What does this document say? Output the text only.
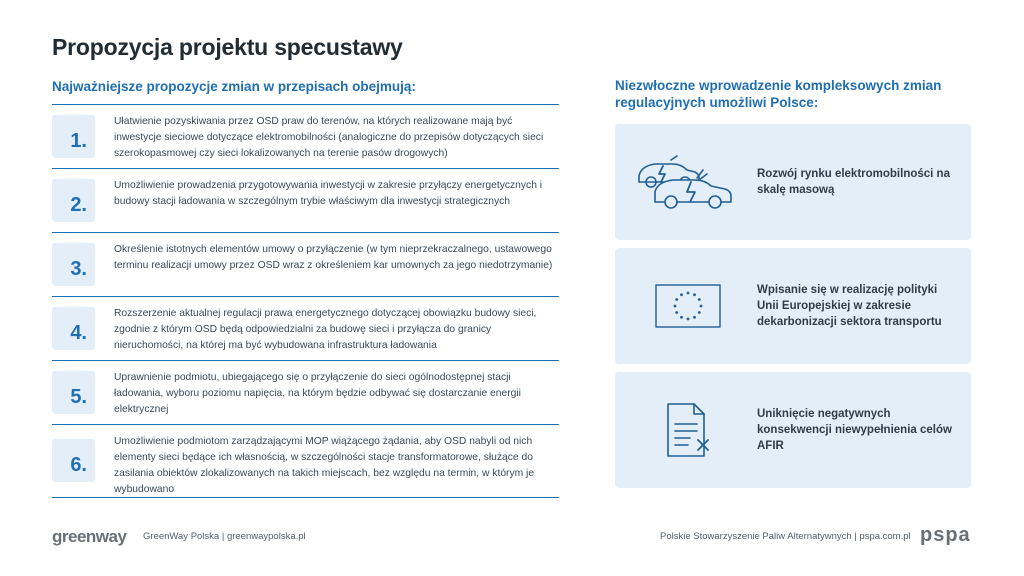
Propozycja projektu specustawy
Najważniejsze propozycje zmian w przepisach obejmują:
1.
Ułatwienie pozyskiwania przez OSD praw do terenów, na których realizowane mają być inwestycje sieciowe dotyczące elektromobilności (analogiczne do przepisów dotyczących sieci szerokopasmowej czy sieci lokalizowanych na terenie pasów drogowych)
2.
Umożliwienie prowadzenia przygotowywania inwestycji w zakresie przyłączy energetycznych i budowy stacji ładowania w szczególnym trybie właściwym dla inwestycji strategicznych
3.
Określenie istotnych elementów umowy o przyłączenie (w tym nieprzekraczalnego, ustawowego terminu realizacji umowy przez OSD wraz z określeniem kar umownych za jego niedotrzymanie)
4.
Rozszerzenie aktualnej regulacji prawa energetycznego dotyczącej obowiązku budowy sieci, zgodnie z którym OSD będą odpowiedzialni za budowę sieci i przyłącza do granicy nieruchomości, na której ma być wybudowana infrastruktura ładowania
5.
Uprawnienie podmiotu, ubiegającego się o przyłączenie do sieci ogólnodostępnej stacji ładowania, wyboru poziomu napięcia, na którym będzie odbywać się dostarczanie energii elektrycznej
6.
Umożliwienie podmiotom zarządzającymi MOP wiążącego żądania, aby OSD nabyli od nich elementy sieci będące ich własnością, w szczególności stacje transformatorowe, służące do zasilania obiektów zlokalizowanych na takich miejscach, bez względu na termin, w którym je wybudowano
Niezwłoczne wprowadzenie kompleksowych zmian regulacyjnych umożliwi Polsce:
Rozwój rynku elektromobilności na skalę masową
Wpisanie się w realizację polityki Unii Europejskiej w zakresie dekarbonizacji sektora transportu
Uniknięcie negatywnych konsekwencji niewypełnienia celów AFIR
greenway GreenWay Polska | greenwaypolska.pl	Polskie Stowarzyszenie Paliw Alternatywnych | pspa.com.pl pspa
